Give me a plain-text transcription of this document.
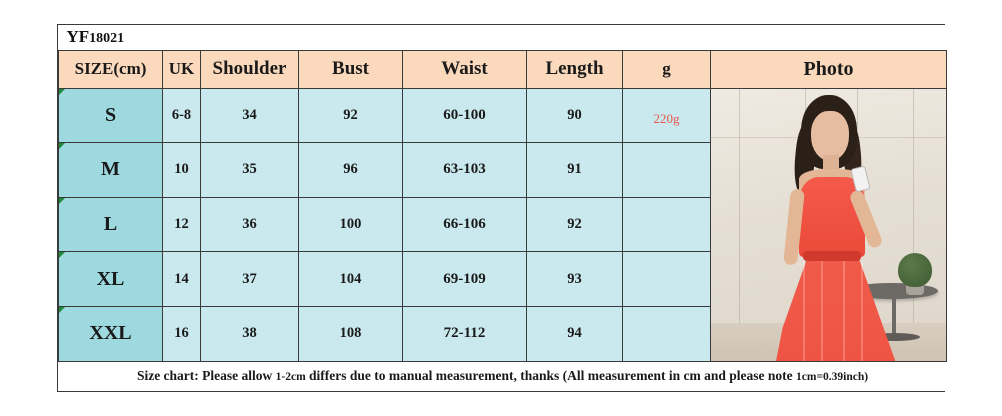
YF18021							
SIZE(cm)	UK	Shoulder	Bust	Waist	Length	g	Photo
S	6-8	34	92	60-100	90	220g	

M	10	35	96	63-103	91		
L	12	36	100	66-106	92		
XL	14	37	104	69-109	93		
XXL	16	38	108	72-112	94		
Size chart: Please allow 1-2cm differs due to manual measurement, thanks (All measurement in cm and please note 1cm=0.39inch)							
